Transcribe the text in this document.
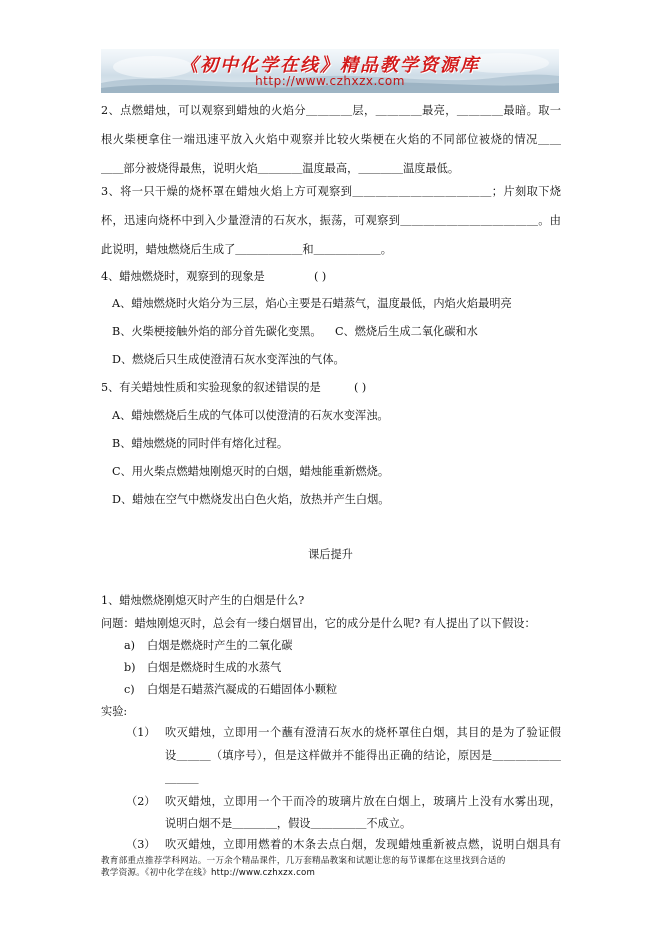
《初中化学在线》精品教学资源库
http://www.czhxzx.com
2、点燃蜡烛，可以观察到蜡烛的火焰分＿＿＿＿层，＿＿＿＿最亮，＿＿＿＿最暗。取一
根火柴梗拿住一端迅速平放入火焰中观察并比较火柴梗在火焰的不同部位被烧的情况＿＿
＿＿部分被烧得最焦，说明火焰＿＿＿＿温度最高，＿＿＿＿温度最低。
3、将一只干燥的烧杯罩在蜡烛火焰上方可观察到＿＿＿＿＿＿＿＿＿＿＿＿；片刻取下烧
杯，迅速向烧杯中到入少量澄清的石灰水，振荡，可观察到＿＿＿＿＿＿＿＿＿＿＿＿。由
此说明，蜡烛燃烧后生成了＿＿＿＿＿＿和＿＿＿＿＿＿。
4、蜡烛燃烧时，观察到的现象是	( )
A、蜡烛燃烧时火焰分为三层，焰心主要是石蜡蒸气，温度最低，内焰火焰最明亮
B、火柴梗接触外焰的部分首先碳化变黑。 C、燃烧后生成二氧化碳和水
D、燃烧后只生成使澄清石灰水变浑浊的气体。
5、有关蜡烛性质和实验现象的叙述错误的是	( )
A、蜡烛燃烧后生成的气体可以使澄清的石灰水变浑浊。
B、蜡烛燃烧的同时伴有熔化过程。
C、用火柴点燃蜡烛刚熄灭时的白烟，蜡烛能重新燃烧。
D、蜡烛在空气中燃烧发出白色火焰，放热并产生白烟。
课后提升
1、蜡烛燃烧刚熄灭时产生的白烟是什么?
问题：蜡烛刚熄灭时，总会有一缕白烟冒出，它的成分是什么呢? 有人提出了以下假设：
a) 白烟是燃烧时产生的二氧化碳
b) 白烟是燃烧时生成的水蒸气
c) 白烟是石蜡蒸汽凝成的石蜡固体小颗粒
实验:
（1） 吹灭蜡烛，立即用一个蘸有澄清石灰水的烧杯罩住白烟，其目的是为了验证假
设＿＿＿（填序号），但是这样做并不能得出正确的结论，原因是＿＿＿＿＿＿
＿＿＿
（2） 吹灭蜡烛，立即用一个干而冷的玻璃片放在白烟上，玻璃片上没有水雾出现，
说明白烟不是＿＿＿＿，假设＿＿＿＿＿不成立。
（3） 吹灭蜡烛，立即用燃着的木条去点白烟，发现蜡烛重新被点燃，说明白烟具有
教育部重点推荐学科网站。一万余个精品课件，几万套精品教案和试题让您的每节课都在这里找到合适的
教学资源。《初中化学在线》http://www.czhxzx.com
